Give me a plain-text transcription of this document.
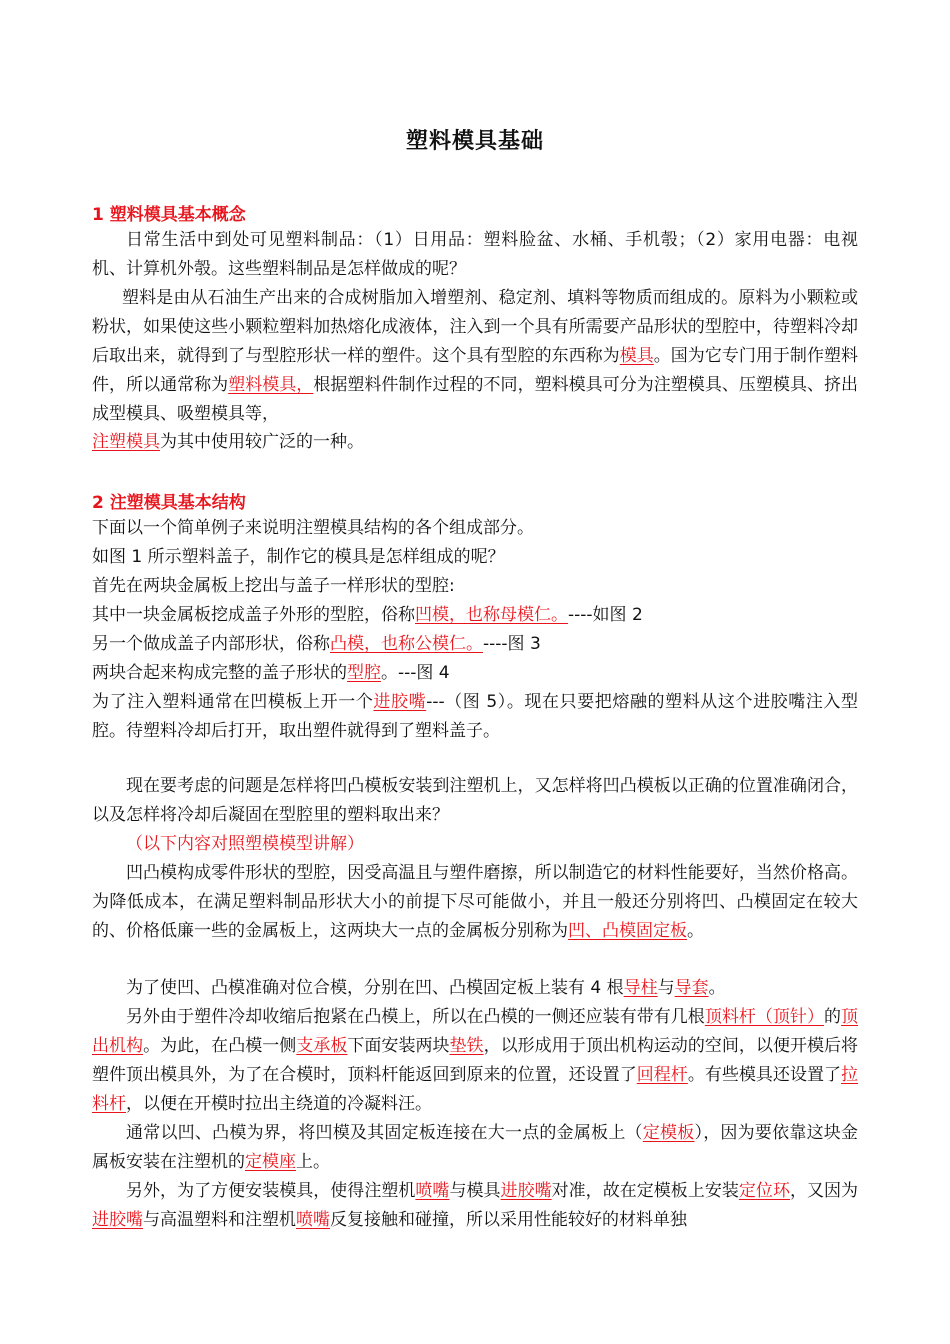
塑料模具基础
1 塑料模具基本概念
日常生活中到处可见塑料制品：（1）日用品：塑料脸盆、水桶、手机彀；（2）家用电器：电视机、计算机外彀。这些塑料制品是怎样做成的呢？
塑料是由从石油生产出来的合成树脂加入增塑剂、稳定剂、填料等物质而组成的。原料为小颗粒或粉状，如果使这些小颗粒塑料加热熔化成液体，注入到一个具有所需要产品形状的型腔中，待塑料冷却后取出来，就得到了与型腔形状一样的塑件。这个具有型腔的东西称为模具。国为它专门用于制作塑料件，所以通常称为塑料模具，根据塑料件制作过程的不同，塑料模具可分为注塑模具、压塑模具、挤出成型模具、吸塑模具等，
注塑模具为其中使用较广泛的一种。
2 注塑模具基本结构
下面以一个简单例子来说明注塑模具结构的各个组成部分。
如图 1 所示塑料盖子，制作它的模具是怎样组成的呢？
首先在两块金属板上挖出与盖子一样形状的型腔:
其中一块金属板挖成盖子外形的型腔，俗称凹模，也称母模仁。----如图 2
另一个做成盖子内部形状，俗称凸模，也称公模仁。----图 3
两块合起来构成完整的盖子形状的型腔。---图 4
为了注入塑料通常在凹模板上开一个进胶嘴---（图 5）。现在只要把熔融的塑料从这个进胶嘴注入型腔。待塑料冷却后打开，取出塑件就得到了塑料盖子。
现在要考虑的问题是怎样将凹凸模板安装到注塑机上，又怎样将凹凸模板以正确的位置准确闭合，以及怎样将冷却后凝固在型腔里的塑料取出来？
（以下内容对照塑模模型讲解）
凹凸模构成零件形状的型腔，因受高温且与塑件磨擦，所以制造它的材料性能要好，当然价格高。为降低成本，在满足塑料制品形状大小的前提下尽可能做小，并且一般还分别将凹、凸模固定在较大的、价格低廉一些的金属板上，这两块大一点的金属板分别称为凹、凸模固定板。
为了使凹、凸模准确对位合模，分别在凹、凸模固定板上装有 4 根导柱与导套。
另外由于塑件冷却收缩后抱紧在凸模上，所以在凸模的一侧还应装有带有几根顶料杆（顶针）的顶出机构。为此，在凸模一侧支承板下面安装两块垫铁，以形成用于顶出机构运动的空间，以便开模后将塑件顶出模具外，为了在合模时，顶料杆能返回到原来的位置，还设置了回程杆。有些模具还设置了拉料杆，以便在开模时拉出主绕道的冷凝料汪。
通常以凹、凸模为界，将凹模及其固定板连接在大一点的金属板上（定模板），因为要依靠这块金属板安装在注塑机的定模座上。
另外，为了方便安装模具，使得注塑机喷嘴与模具进胶嘴对准，故在定模板上安装定位环，又因为进胶嘴与高温塑料和注塑机喷嘴反复接触和碰撞，所以采用性能较好的材料单独
